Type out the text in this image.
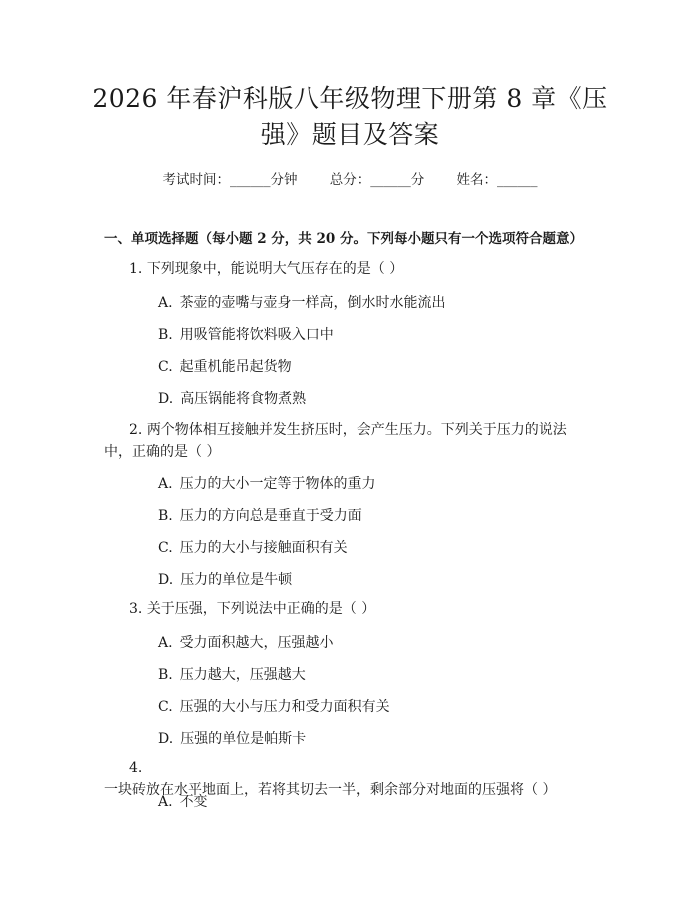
2026 年春沪科版八年级物理下册第 8 章《压
强》题目及答案
考试时间：______分钟 总分：______分 姓名：______
一、单项选择题（每小题 2 分，共 20 分。下列每小题只有一个选项符合题意）
1. 下列现象中，能说明大气压存在的是（ ）
A. 茶壶的壶嘴与壶身一样高，倒水时水能流出
B. 用吸管能将饮料吸入口中
C. 起重机能吊起货物
D. 高压锅能将食物煮熟
2. 两个物体相互接触并发生挤压时，会产生压力。下列关于压力的说法中，正确的是（ ）
A. 压力的大小一定等于物体的重力
B. 压力的方向总是垂直于受力面
C. 压力的大小与接触面积有关
D. 压力的单位是牛顿
3. 关于压强，下列说法中正确的是（ ）
A. 受力面积越大，压强越小
B. 压力越大，压强越大
C. 压强的大小与压力和受力面积有关
D. 压强的单位是帕斯卡
4. 一块砖放在水平地面上，若将其切去一半，剩余部分对地面的压强将（ ）
A. 不变
